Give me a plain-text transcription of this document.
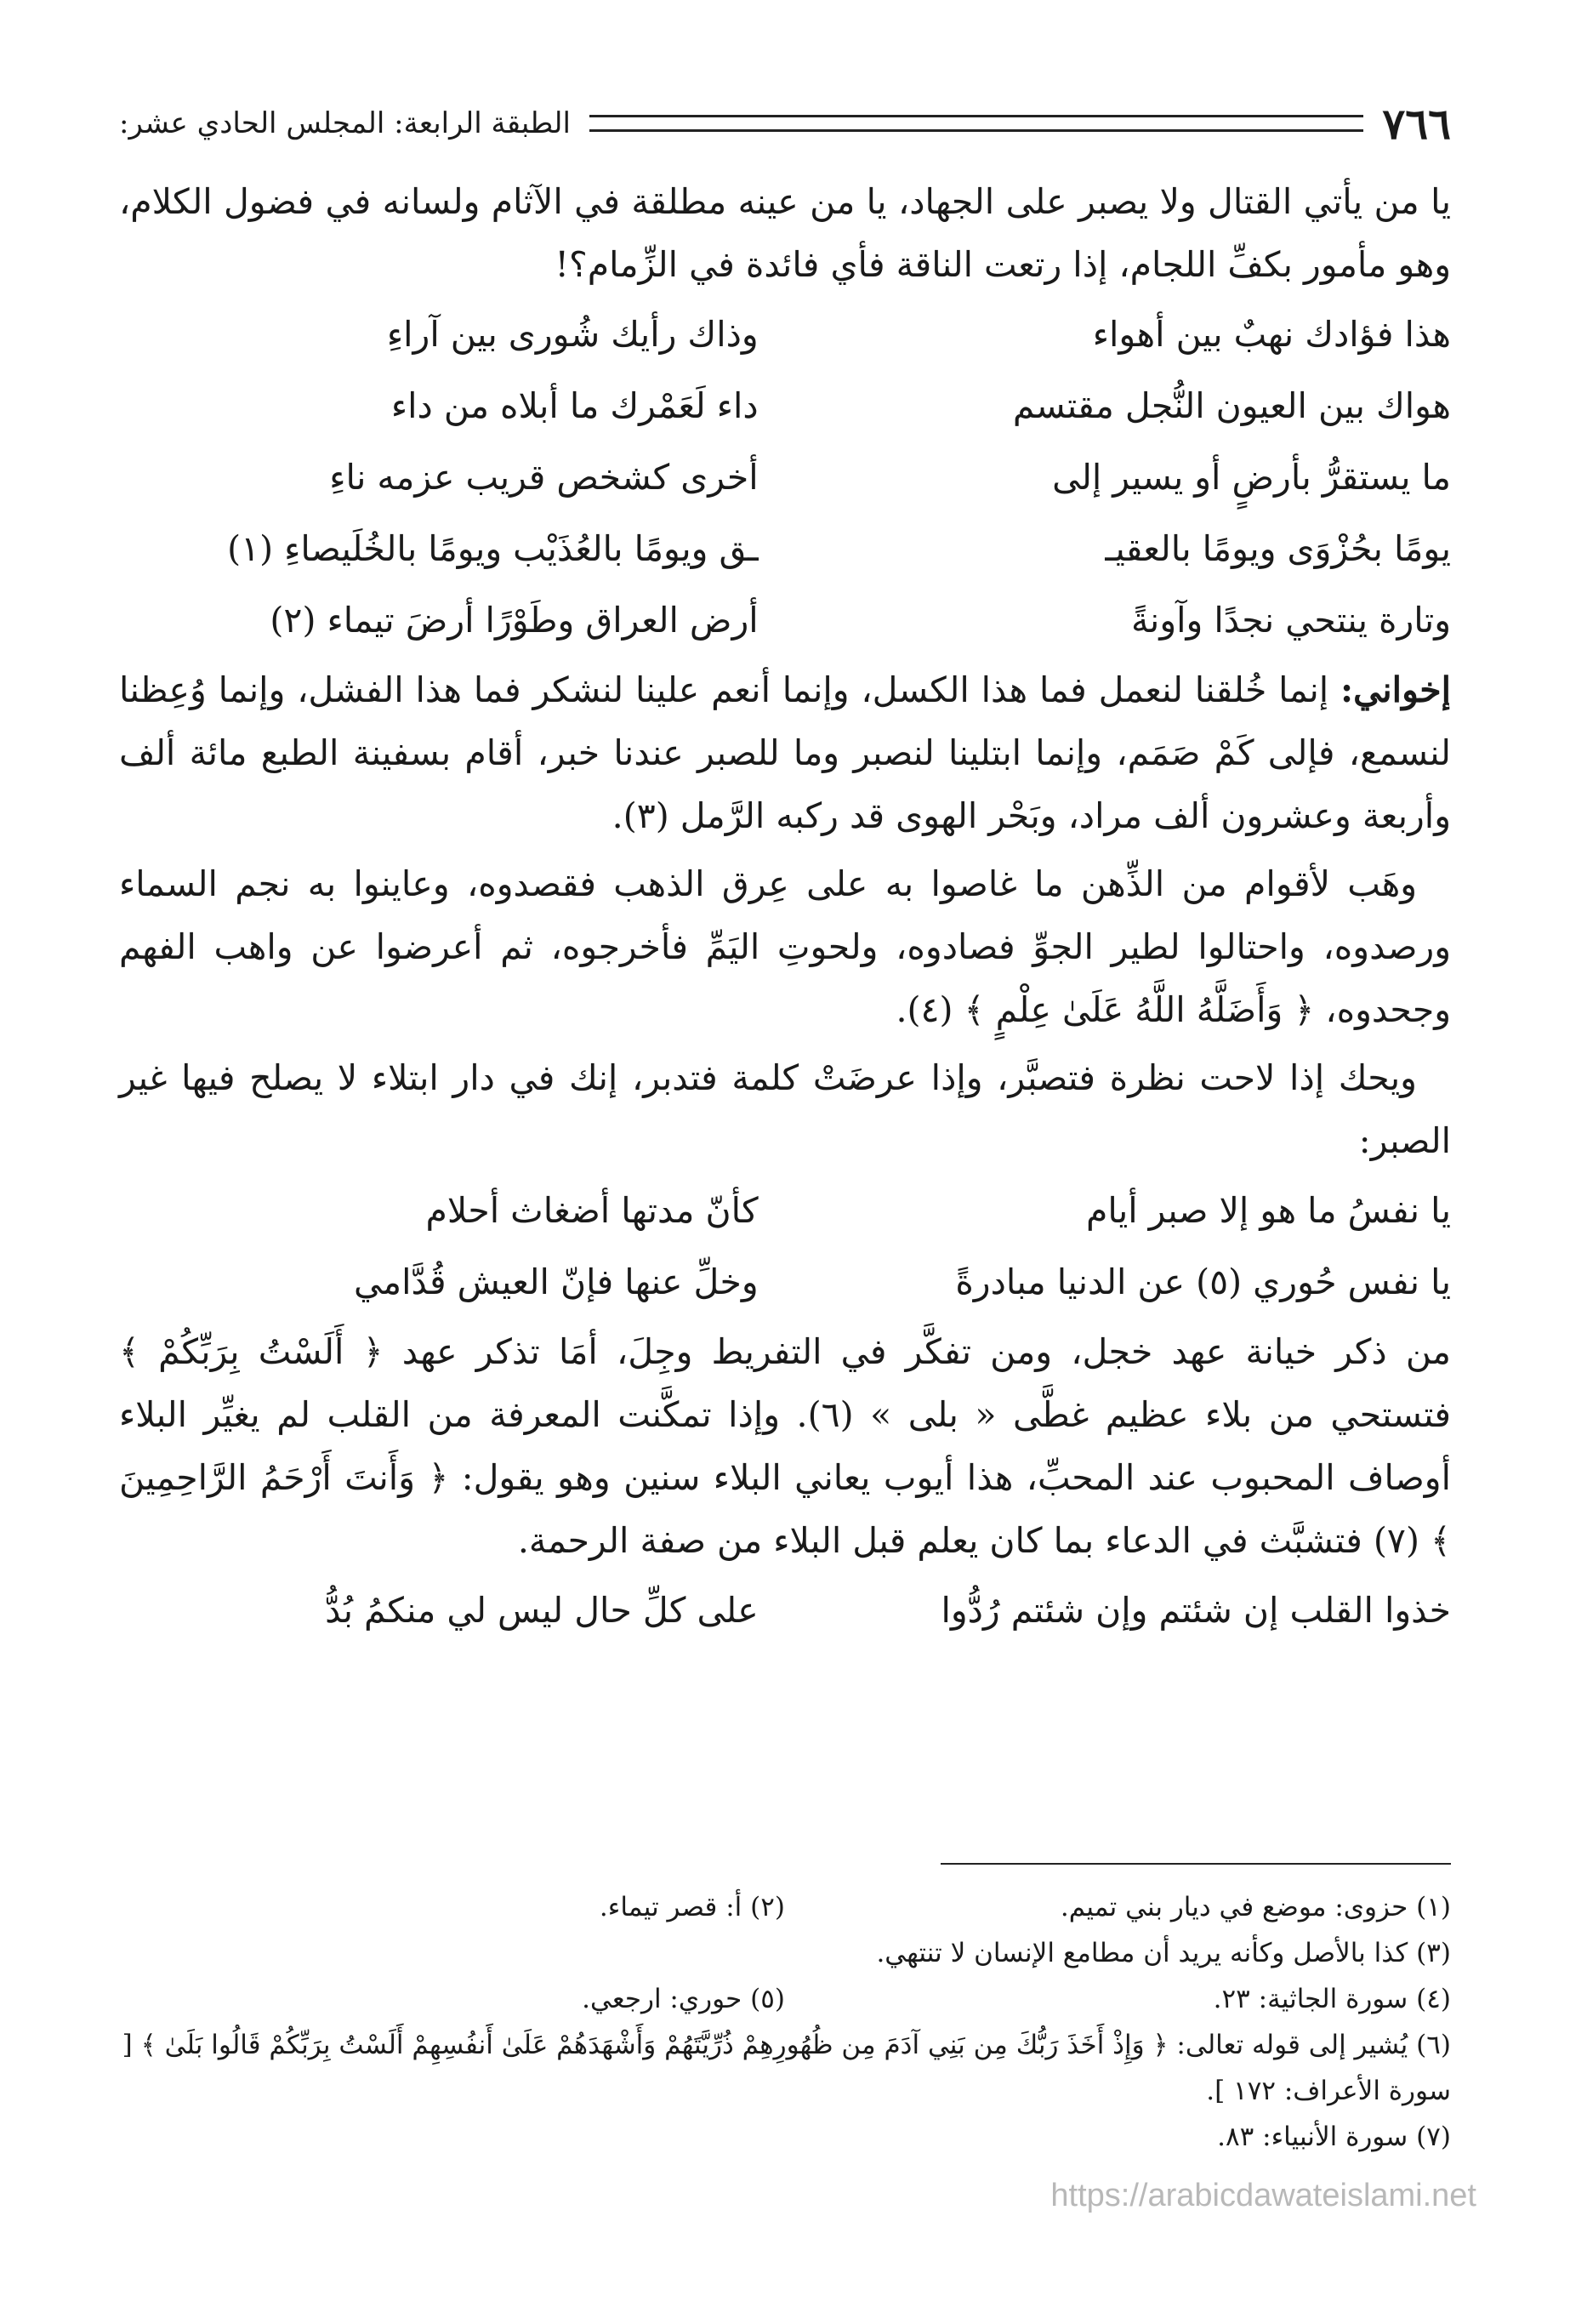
٧٦٦
الطبقة الرابعة: المجلس الحادي عشر:

يا من يأتي القتال ولا يصبر على الجهاد، يا من عينه مطلقة في الآثام ولسانه في فضول الكلام، وهو مأمور بكفِّ اللجام، إذا رتعت الناقة فأي فائدة في الزِّمام؟!

هذا فؤادك نهبٌ بين أهواء
وذاك رأيك شُورى بين آراءِ
هواك بين العيون النُّجل مقتسم
داء لَعَمْرك ما أبلاه من داء
ما يستقرُّ بأرضٍ أو يسير إلى
أخرى كشخص قريب عزمه ناءِ
يومًا بحُزْوَى ويومًا بالعقيـ
ـق ويومًا بالعُذَيْب ويومًا بالخُلَيصاءِ (١)
وتارة ينتحي نجدًا وآونةً
أرض العراق وطَوْرًا أرضَ تيماء (٢)

إخواني: إنما خُلقنا لنعمل فما هذا الكسل، وإنما أنعم علينا لنشكر فما هذا الفشل، وإنما وُعِظنا لنسمع، فإلى كَمْ صَمَم، وإنما ابتلينا لنصبر وما للصبر عندنا خبر، أقام بسفينة الطبع مائة ألف وأربعة وعشرون ألف مراد، وبَحْر الهوى قد ركبه الرَّمل (٣).

وهَب لأقوام من الذِّهن ما غاصوا به على عِرق الذهب فقصدوه، وعاينوا به نجم السماء ورصدوه، واحتالوا لطير الجوِّ فصادوه، ولحوتِ اليَمِّ فأخرجوه، ثم أعرضوا عن واهب الفهم وجحدوه، ﴿ وَأَضَلَّهُ اللَّهُ عَلَىٰ عِلْمٍ ﴾ (٤).

ويحك إذا لاحت نظرة فتصبَّر، وإذا عرضَتْ كلمة فتدبر، إنك في دار ابتلاء لا يصلح فيها غير الصبر:

يا نفسُ ما هو إلا صبر أيام
كأنّ مدتها أضغاث أحلام
يا نفس حُوري (٥) عن الدنيا مبادرةً
وخلِّ عنها فإنّ العيش قُدَّامي

من ذكر خيانة عهد خجل، ومن تفكَّر في التفريط وجِلَ، أمَا تذكر عهد ﴿ أَلَسْتُ بِرَبِّكُمْ ﴾ فتستحي من بلاء عظيم غطَّى « بلى » (٦). وإذا تمكَّنت المعرفة من القلب لم يغيِّر البلاء أوصاف المحبوب عند المحبِّ، هذا أيوب يعاني البلاء سنين وهو يقول: ﴿ وَأَنتَ أَرْحَمُ الرَّاحِمِينَ ﴾ (٧) فتشبَّث في الدعاء بما كان يعلم قبل البلاء من صفة الرحمة.

خذوا القلب إن شئتم وإن شئتم رُدُّوا
على كلِّ حال ليس لي منكمُ بُدُّ
(١) حزوى: موضع في ديار بني تميم.
(٢) أ: قصر تيماء.
(٣) كذا بالأصل وكأنه يريد أن مطامع الإنسان لا تنتهي.
(٤) سورة الجاثية: ٢٣.
(٥) حوري: ارجعي.
(٦) يُشير إلى قوله تعالى: ﴿ وَإِذْ أَخَذَ رَبُّكَ مِن بَنِي آدَمَ مِن ظُهُورِهِمْ ذُرِّيَّتَهُمْ وَأَشْهَدَهُمْ عَلَىٰ أَنفُسِهِمْ أَلَسْتُ بِرَبِّكُمْ قَالُوا بَلَىٰ ﴾ [ سورة الأعراف: ١٧٢ ].
(٧) سورة الأنبياء: ٨٣.
https://arabicdawateislami.net
